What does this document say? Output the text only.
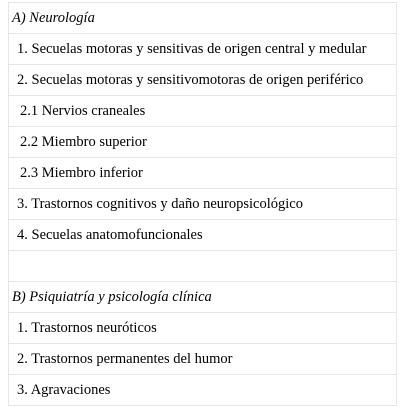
A) Neurología
1. Secuelas motoras y sensitivas de origen central y medular
2. Secuelas motoras y sensitivomotoras de origen periférico
2.1 Nervios craneales
2.2 Miembro superior
2.3 Miembro inferior
3. Trastornos cognitivos y daño neuropsicológico
4. Secuelas anatomofuncionales
B) Psiquiatría y psicología clínica
1. Trastornos neuróticos
2. Trastornos permanentes del humor
3. Agravaciones
